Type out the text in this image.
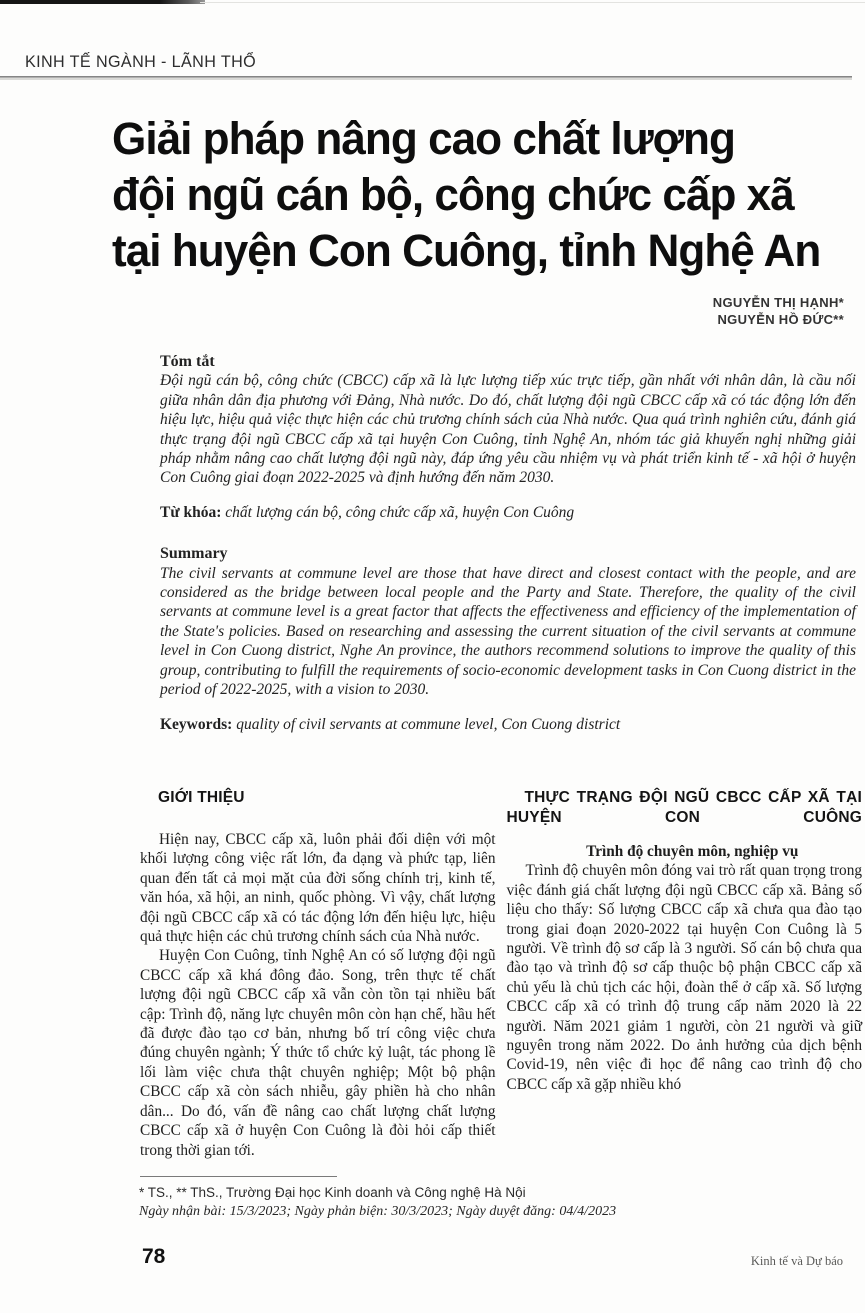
KINH TẾ NGÀNH - LÃNH THỔ
Giải pháp nâng cao chất lượng
đội ngũ cán bộ, công chức cấp xã
tại huyện Con Cuông, tỉnh Nghệ An
NGUYỄN THỊ HẠNH*
NGUYỄN HỒ ĐỨC**
Tóm tắt

Đội ngũ cán bộ, công chức (CBCC) cấp xã là lực lượng tiếp xúc trực tiếp, gần nhất với nhân dân, là cầu nối giữa nhân dân địa phương với Đảng, Nhà nước. Do đó, chất lượng đội ngũ CBCC cấp xã có tác động lớn đến hiệu lực, hiệu quả việc thực hiện các chủ trương chính sách của Nhà nước. Qua quá trình nghiên cứu, đánh giá thực trạng đội ngũ CBCC cấp xã tại huyện Con Cuông, tỉnh Nghệ An, nhóm tác giả khuyến nghị những giải pháp nhằm nâng cao chất lượng đội ngũ này, đáp ứng yêu cầu nhiệm vụ và phát triển kinh tế - xã hội ở huyện Con Cuông giai đoạn 2022-2025 và định hướng đến năm 2030.

Từ khóa: chất lượng cán bộ, công chức cấp xã, huyện Con Cuông
Summary

The civil servants at commune level are those that have direct and closest contact with the people, and are considered as the bridge between local people and the Party and State. Therefore, the quality of the civil servants at commune level is a great factor that affects the effectiveness and efficiency of the implementation of the State's policies. Based on researching and assessing the current situation of the civil servants at commune level in Con Cuong district, Nghe An province, the authors recommend solutions to improve the quality of this group, contributing to fulfill the requirements of socio-economic development tasks in Con Cuong district in the period of 2022-2025, with a vision to 2030.

Keywords: quality of civil servants at commune level, Con Cuong district
GIỚI THIỆU

Hiện nay, CBCC cấp xã, luôn phải đối diện với một khối lượng công việc rất lớn, đa dạng và phức tạp, liên quan đến tất cả mọi mặt của đời sống chính trị, kinh tế, văn hóa, xã hội, an ninh, quốc phòng. Vì vậy, chất lượng đội ngũ CBCC cấp xã có tác động lớn đến hiệu lực, hiệu quả thực hiện các chủ trương chính sách của Nhà nước.

Huyện Con Cuông, tỉnh Nghệ An có số lượng đội ngũ CBCC cấp xã khá đông đảo. Song, trên thực tế chất lượng đội ngũ CBCC cấp xã vẫn còn tồn tại nhiều bất cập: Trình độ, năng lực chuyên môn còn hạn chế, hầu hết đã được đào tạo cơ bản, nhưng bố trí công việc chưa đúng chuyên ngành; Ý thức tổ chức kỷ luật, tác phong lề lối làm việc chưa thật chuyên nghiệp; Một bộ phận CBCC cấp xã còn sách nhiễu, gây phiền hà cho nhân dân... Do đó, vấn đề nâng cao chất lượng chất lượng CBCC cấp xã ở huyện Con Cuông là đòi hỏi cấp thiết trong thời gian tới.

THỰC TRẠNG ĐỘI NGŨ CBCC CẤP XÃ TẠI HUYỆN CON CUÔNG
Trình độ chuyên môn, nghiệp vụ

Trình độ chuyên môn đóng vai trò rất quan trọng trong việc đánh giá chất lượng đội ngũ CBCC cấp xã. Bảng số liệu cho thấy: Số lượng CBCC cấp xã chưa qua đào tạo trong giai đoạn 2020-2022 tại huyện Con Cuông là 5 người. Về trình độ sơ cấp là 3 người. Số cán bộ chưa qua đào tạo và trình độ sơ cấp thuộc bộ phận CBCC cấp xã chủ yếu là chủ tịch các hội, đoàn thể ở cấp xã. Số lượng CBCC cấp xã có trình độ trung cấp năm 2020 là 22 người. Năm 2021 giảm 1 người, còn 21 người và giữ nguyên trong năm 2022. Do ảnh hưởng của dịch bệnh Covid-19, nên việc đi học để nâng cao trình độ cho CBCC cấp xã gặp nhiều khó

* TS., ** ThS., Trường Đại học Kinh doanh và Công nghệ Hà Nội
Ngày nhận bài: 15/3/2023; Ngày phản biện: 30/3/2023; Ngày duyệt đăng: 04/4/2023
78	Kinh tế và Dự báo
